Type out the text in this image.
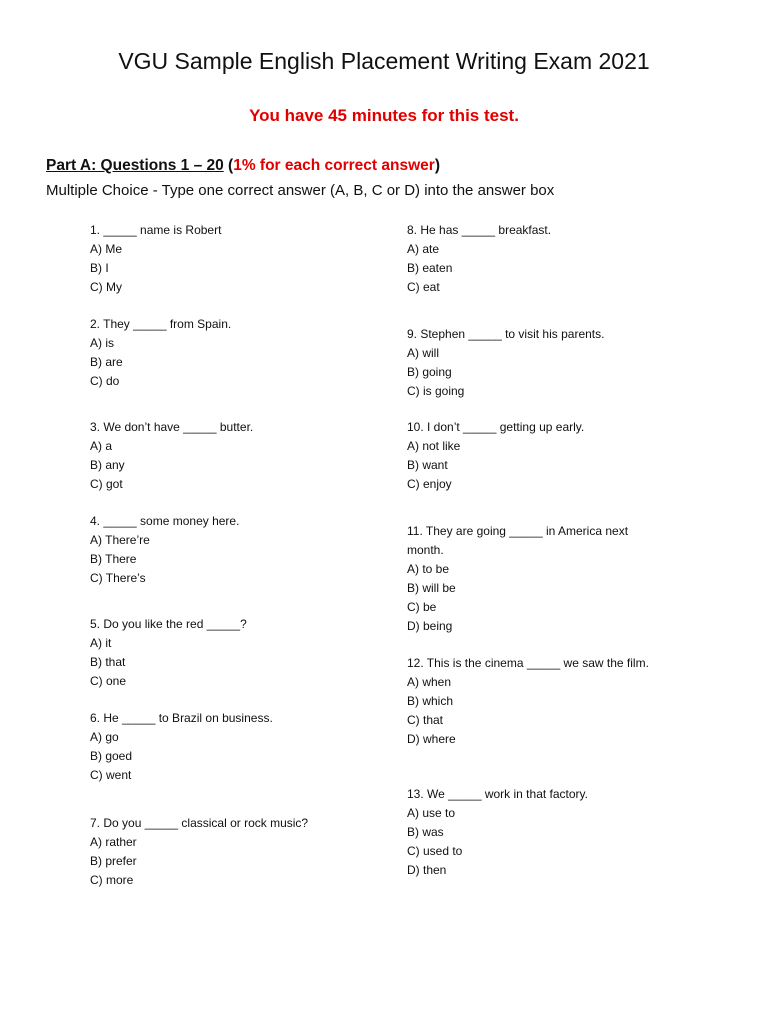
VGU Sample English Placement Writing Exam 2021
You have 45 minutes for this test.
Part A: Questions 1 – 20 (1% for each correct answer)
Multiple Choice - Type one correct answer (A, B, C or D) into the answer box
1. _____ name is Robert
A) Me
B) I
C) My
2. They _____ from Spain.
A) is
B) are
C) do
3. We don’t have _____ butter.
A) a
B) any
C) got
4. _____ some money here.
A) There’re
B) There
C) There’s
5. Do you like the red _____?
A) it
B) that
C) one
6. He _____ to Brazil on business.
A) go
B) goed
C) went
7. Do you _____ classical or rock music?
A) rather
B) prefer
C) more
8. He has _____ breakfast.
A) ate
B) eaten
C) eat
9. Stephen _____ to visit his parents.
A) will
B) going
C) is going
10. I don’t _____ getting up early.
A) not like
B) want
C) enjoy
11. They are going _____ in America next month.
A) to be
B) will be
C) be
D) being
12. This is the cinema _____ we saw the film.
A) when
B) which
C) that
D) where
13. We _____ work in that factory.
A) use to
B) was
C) used to
D) then
